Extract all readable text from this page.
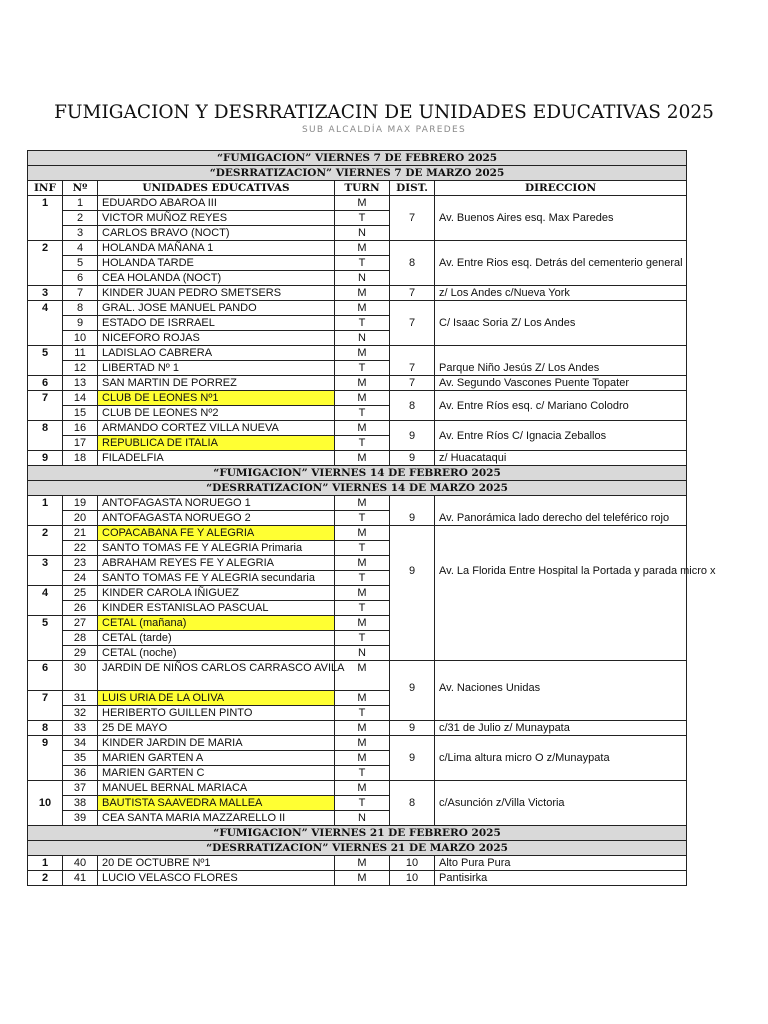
FUMIGACION Y DESRRATIZACIN DE UNIDADES EDUCATIVAS 2025
SUB ALCALDÍA MAX PAREDES
“FUMIGACION” VIERNES 7 DE FEBRERO 2025					
“DESRRATIZACION” VIERNES 7 DE MARZO 2025					
INF	Nº	UNIDADES EDUCATIVAS	TURN	DIST.	DIRECCION
1	1	EDUARDO ABAROA III	M	7	Av. Buenos Aires esq. Max Paredes
	2	VICTOR MUÑOZ REYES	T		
	3	CARLOS BRAVO (NOCT)	N		
2	4	HOLANDA MAÑANA 1	M	8	Av. Entre Rios esq. Detrás del cementerio general
	5	HOLANDA TARDE	T		
	6	CEA HOLANDA (NOCT)	N		
3	7	KINDER JUAN PEDRO SMETSERS	M	7	z/ Los Andes c/Nueva York
4	8	GRAL. JOSE MANUEL PANDO	M	7	C/ Isaac Soria Z/ Los Andes
	9	ESTADO DE ISRRAEL	T		
	10	NICEFORO ROJAS	N		
5	11	LADISLAO CABRERA	M	7	Parque Niño Jesús Z/ Los Andes
	12	LIBERTAD Nº 1	T		
6	13	SAN MARTIN DE PORREZ	M	7	Av. Segundo Vascones Puente Topater
7	14	CLUB DE LEONES Nº1	M	8	Av. Entre Ríos esq. c/ Mariano Colodro
	15	CLUB DE LEONES Nº2	T		
8	16	ARMANDO CORTEZ VILLA NUEVA	M	9	Av. Entre Ríos C/ Ignacia Zeballos
	17	REPUBLICA DE ITALIA	T		
9	18	FILADELFIA	M	9	z/ Huacataqui
“FUMIGACION” VIERNES 14 DE FEBRERO 2025					
“DESRRATIZACION” VIERNES 14 DE MARZO 2025					
1	19	ANTOFAGASTA NORUEGO 1	M	9	Av. Panorámica lado derecho del teleférico rojo
	20	ANTOFAGASTA NORUEGO 2	T		
2	21	COPACABANA FE Y ALEGRIA	M	9	Av. La Florida Entre Hospital la Portada y parada micro x
	22	SANTO TOMAS FE Y ALEGRIA Primaria	T		
3	23	ABRAHAM REYES FE Y ALEGRIA	M		
	24	SANTO TOMAS FE Y ALEGRIA secundaria	T		
4	25	KINDER CAROLA IÑIGUEZ	M		
	26	KINDER ESTANISLAO PASCUAL	T		
5	27	CETAL (mañana)	M		
	28	CETAL (tarde)	T		
	29	CETAL (noche)	N		
6	30	JARDIN DE NIÑOS CARLOS CARRASCO AVILA	M	9	Av. Naciones Unidas
7	31	LUIS URIA DE LA OLIVA	M		
	32	HERIBERTO GUILLEN PINTO	T		
8	33	25 DE MAYO	M	9	c/31 de Julio z/ Munaypata
9	34	KINDER JARDIN DE MARIA	M	9	c/Lima altura micro O z/Munaypata
	35	MARIEN GARTEN A	M		
	36	MARIEN GARTEN C	T		
10	37	MANUEL BERNAL MARIACA	M	8	c/Asunción z/Villa Victoria
	38	BAUTISTA SAAVEDRA MALLEA	T		
	39	CEA SANTA MARIA MAZZARELLO II	N		
“FUMIGACION” VIERNES 21 DE FEBRERO 2025					
“DESRRATIZACION” VIERNES 21 DE MARZO 2025					
1	40	20 DE OCTUBRE Nº1	M	10	Alto Pura Pura
2	41	LUCIO VELASCO FLORES	M	10	Pantisirka
